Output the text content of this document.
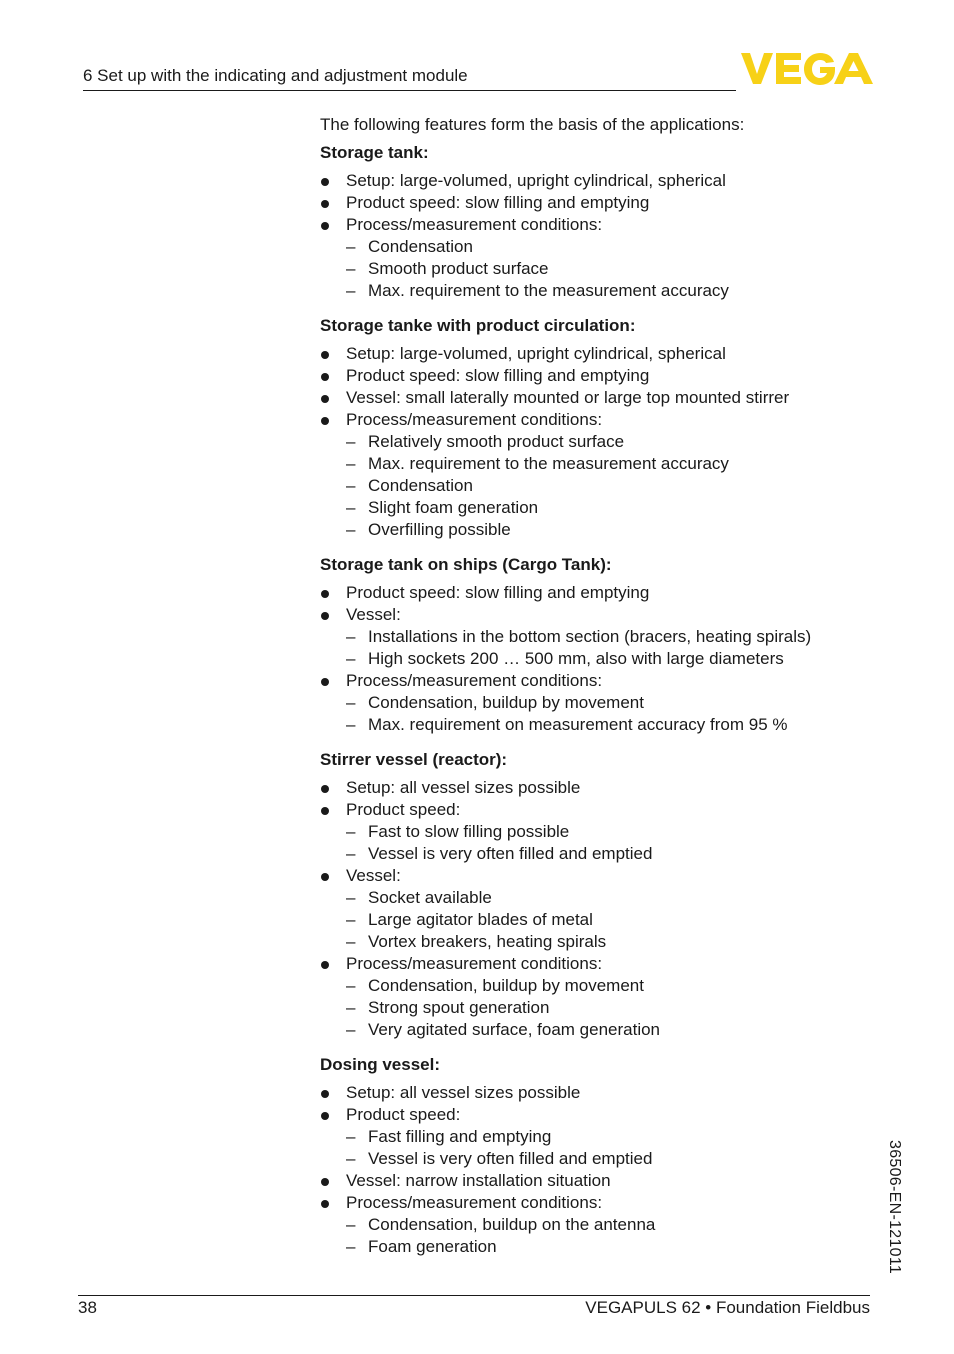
6 Set up with the indicating and adjustment module

The following features form the basis of the applications:

Storage tank:
Setup: large-volumed, upright cylindrical, spherical
Product speed: slow filling and emptying
Process/measurement conditions:
– Condensation
– Smooth product surface
– Max. requirement to the measurement accuracy
Storage tanke with product circulation:
Setup: large-volumed, upright cylindrical, spherical
Product speed: slow filling and emptying
Vessel: small laterally mounted or large top mounted stirrer
Process/measurement conditions:
– Relatively smooth product surface
– Max. requirement to the measurement accuracy
– Condensation
– Slight foam generation
– Overfilling possible
Storage tank on ships (Cargo Tank):
Product speed: slow filling and emptying
Vessel:
– Installations in the bottom section (bracers, heating spirals)
– High sockets 200 … 500 mm, also with large diameters
Process/measurement conditions:
– Condensation, buildup by movement
– Max. requirement on measurement accuracy from 95 %
Stirrer vessel (reactor):
Setup: all vessel sizes possible
Product speed:
– Fast to slow filling possible
– Vessel is very often filled and emptied
Vessel:
– Socket available
– Large agitator blades of metal
– Vortex breakers, heating spirals
Process/measurement conditions:
– Condensation, buildup by movement
– Strong spout generation
– Very agitated surface, foam generation
Dosing vessel:
Setup: all vessel sizes possible
Product speed:
– Fast filling and emptying
– Vessel is very often filled and emptied
Vessel: narrow installation situation
Process/measurement conditions:
– Condensation, buildup on the antenna
– Foam generation	36506-EN-121011
38	VEGAPULS 62 • Foundation Fieldbus
